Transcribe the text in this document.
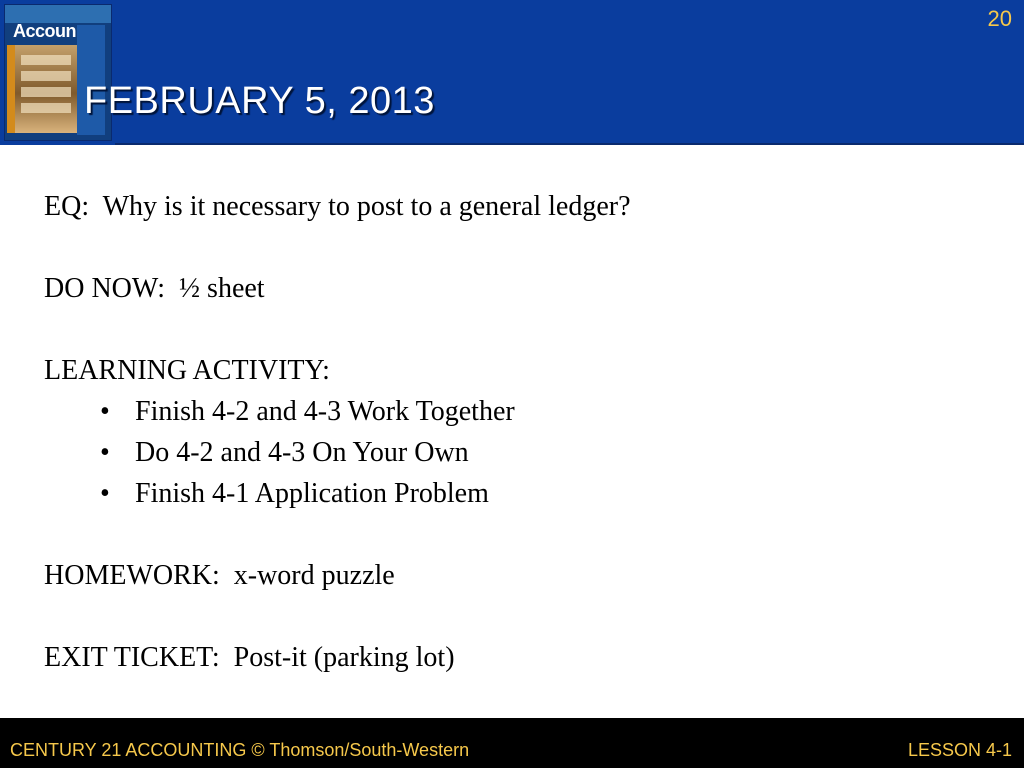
Accoun	20
FEBRUARY 5, 2013
EQ:  Why is it necessary to post to a general ledger?
DO NOW:  ½ sheet
LEARNING ACTIVITY:

•

Finish 4-2 and 4-3 Work Together

•

Do 4-2 and 4-3 On Your Own

•

Finish 4-1 Application Problem

HOMEWORK:  x-word puzzle
EXIT TICKET:  Post-it (parking lot)
CENTURY 21 ACCOUNTING © Thomson/South-Western	LESSON 4-1
